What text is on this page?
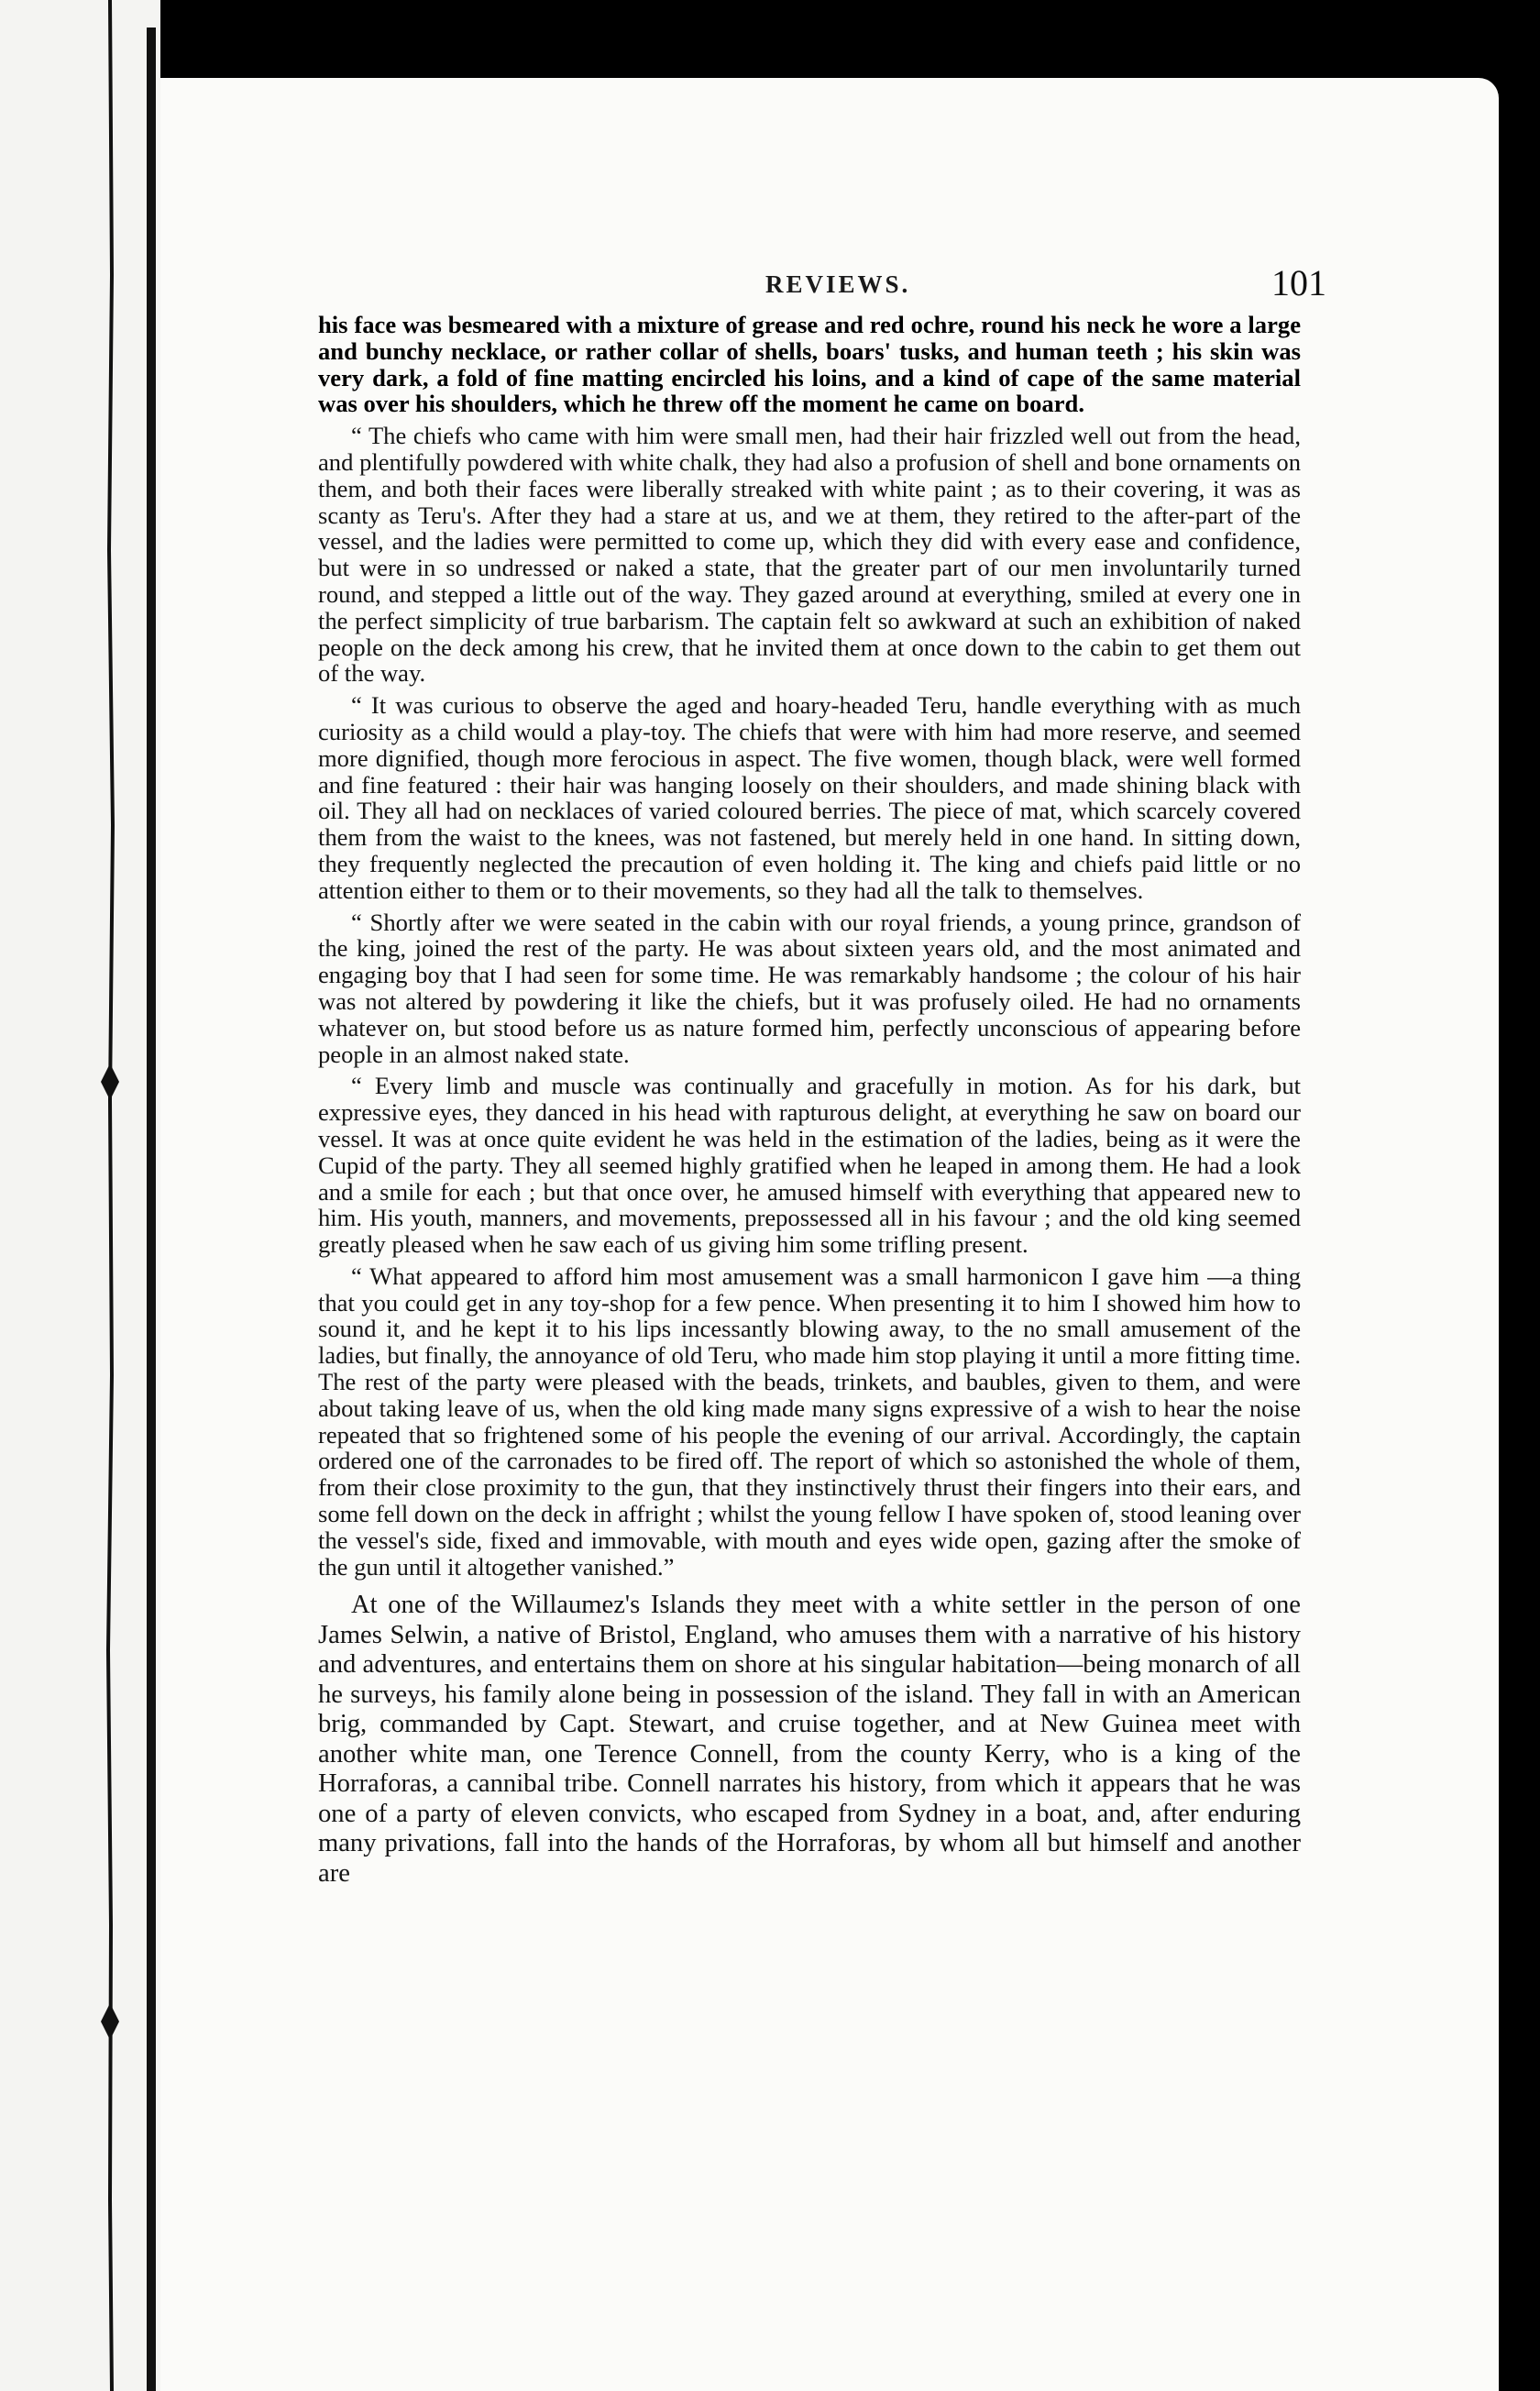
REVIEWS.	101

his face was besmeared with a mixture of grease and red ochre, round his neck he wore a large and bunchy necklace, or rather collar of shells, boars' tusks, and human teeth ; his skin was very dark, a fold of fine matting encircled his loins, and a kind of cape of the same material was over his shoulders, which he threw off the moment he came on board.

“ The chiefs who came with him were small men, had their hair frizzled well out from the head, and plentifully powdered with white chalk, they had also a profusion of shell and bone ornaments on them, and both their faces were liberally streaked with white paint ; as to their covering, it was as scanty as Teru's. After they had a stare at us, and we at them, they retired to the after-part of the vessel, and the ladies were permitted to come up, which they did with every ease and confidence, but were in so undressed or naked a state, that the greater part of our men involuntarily turned round, and stepped a little out of the way. They gazed around at everything, smiled at every one in the perfect simplicity of true barbarism. The captain felt so awkward at such an exhibition of naked people on the deck among his crew, that he invited them at once down to the cabin to get them out of the way.

“ It was curious to observe the aged and hoary-headed Teru, handle everything with as much curiosity as a child would a play-toy. The chiefs that were with him had more reserve, and seemed more dignified, though more ferocious in aspect. The five women, though black, were well formed and fine featured : their hair was hanging loosely on their shoulders, and made shining black with oil. They all had on necklaces of varied coloured berries. The piece of mat, which scarcely covered them from the waist to the knees, was not fastened, but merely held in one hand. In sitting down, they frequently neglected the precaution of even holding it. The king and chiefs paid little or no attention either to them or to their movements, so they had all the talk to themselves.

“ Shortly after we were seated in the cabin with our royal friends, a young prince, grandson of the king, joined the rest of the party. He was about sixteen years old, and the most animated and engaging boy that I had seen for some time. He was remarkably handsome ; the colour of his hair was not altered by powdering it like the chiefs, but it was profusely oiled. He had no ornaments whatever on, but stood before us as nature formed him, perfectly unconscious of appearing before people in an almost naked state.

“ Every limb and muscle was continually and gracefully in motion. As for his dark, but expressive eyes, they danced in his head with rapturous delight, at everything he saw on board our vessel. It was at once quite evident he was held in the estimation of the ladies, being as it were the Cupid of the party. They all seemed highly gratified when he leaped in among them. He had a look and a smile for each ; but that once over, he amused himself with everything that appeared new to him. His youth, manners, and movements, prepossessed all in his favour ; and the old king seemed greatly pleased when he saw each of us giving him some trifling present.

“ What appeared to afford him most amusement was a small harmonicon I gave him —a thing that you could get in any toy-shop for a few pence. When presenting it to him I showed him how to sound it, and he kept it to his lips incessantly blowing away, to the no small amusement of the ladies, but finally, the annoyance of old Teru, who made him stop playing it until a more fitting time. The rest of the party were pleased with the beads, trinkets, and baubles, given to them, and were about taking leave of us, when the old king made many signs expressive of a wish to hear the noise repeated that so frightened some of his people the evening of our arrival. Accordingly, the captain ordered one of the carronades to be fired off. The report of which so astonished the whole of them, from their close proximity to the gun, that they instinctively thrust their fingers into their ears, and some fell down on the deck in affright ; whilst the young fellow I have spoken of, stood leaning over the vessel's side, fixed and immovable, with mouth and eyes wide open, gazing after the smoke of the gun until it altogether vanished.”

At one of the Willaumez's Islands they meet with a white settler in the person of one James Selwin, a native of Bristol, England, who amuses them with a narrative of his history and adventures, and entertains them on shore at his singular habitation—being monarch of all he surveys, his family alone being in possession of the island. They fall in with an American brig, commanded by Capt. Stewart, and cruise together, and at New Guinea meet with another white man, one Terence Connell, from the county Kerry, who is a king of the Horraforas, a cannibal tribe. Connell narrates his history, from which it appears that he was one of a party of eleven convicts, who escaped from Sydney in a boat, and, after enduring many privations, fall into the hands of the Horraforas, by whom all but himself and another are
